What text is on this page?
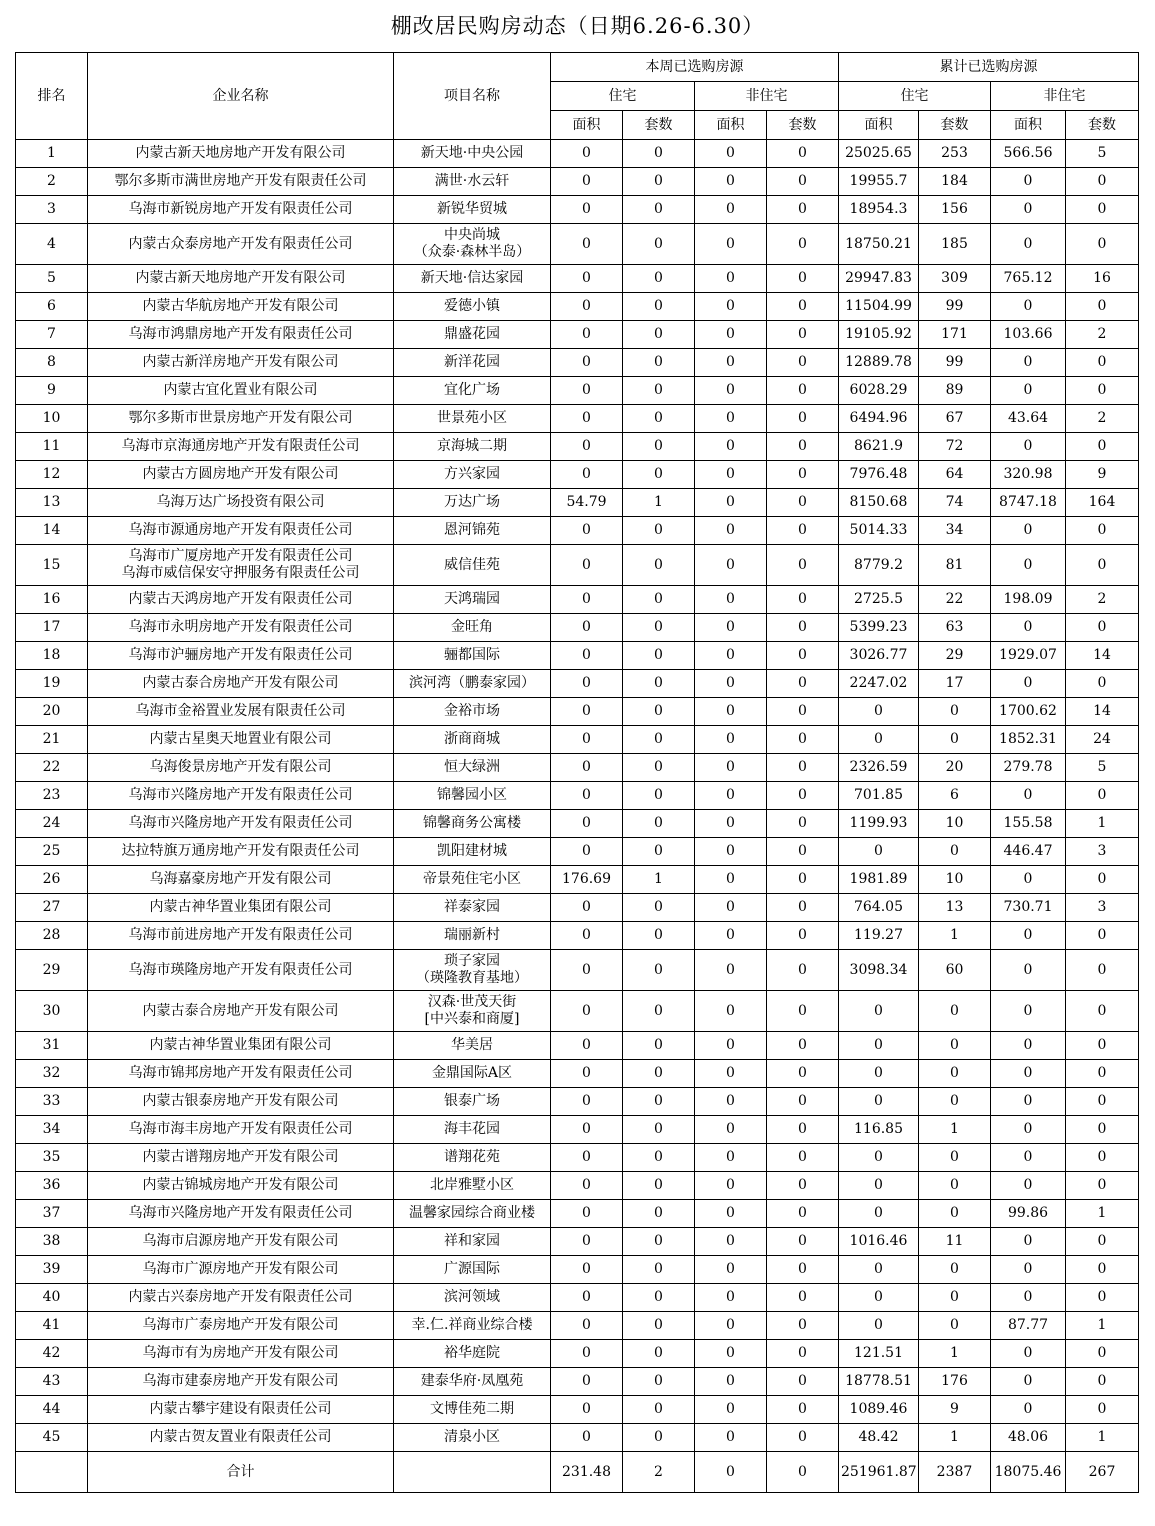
棚改居民购房动态（日期6.26-6.30）
排名	企业名称	项目名称	本周已选购房源				累计已选购房源			
			住宅		非住宅		住宅		非住宅	
			面积	套数	面积	套数	面积	套数	面积	套数
1	内蒙古新天地房地产开发有限公司	新天地·中央公园	0	0	0	0	25025.65	253	566.56	5
2	鄂尔多斯市满世房地产开发有限责任公司	满世·水云轩	0	0	0	0	19955.7	184	0	0
3	乌海市新锐房地产开发有限责任公司	新锐华贸城	0	0	0	0	18954.3	156	0	0
4	内蒙古众泰房地产开发有限责任公司	中央尚城
（众泰·森林半岛）	0	0	0	0	18750.21	185	0	0
5	内蒙古新天地房地产开发有限公司	新天地·信达家园	0	0	0	0	29947.83	309	765.12	16
6	内蒙古华航房地产开发有限公司	爱德小镇	0	0	0	0	11504.99	99	0	0
7	乌海市鸿鼎房地产开发有限责任公司	鼎盛花园	0	0	0	0	19105.92	171	103.66	2
8	内蒙古新洋房地产开发有限公司	新洋花园	0	0	0	0	12889.78	99	0	0
9	内蒙古宜化置业有限公司	宜化广场	0	0	0	0	6028.29	89	0	0
10	鄂尔多斯市世景房地产开发有限公司	世景苑小区	0	0	0	0	6494.96	67	43.64	2
11	乌海市京海通房地产开发有限责任公司	京海城二期	0	0	0	0	8621.9	72	0	0
12	内蒙古方圆房地产开发有限公司	方兴家园	0	0	0	0	7976.48	64	320.98	9
13	乌海万达广场投资有限公司	万达广场	54.79	1	0	0	8150.68	74	8747.18	164
14	乌海市源通房地产开发有限责任公司	恩河锦苑	0	0	0	0	5014.33	34	0	0
15	乌海市广厦房地产开发有限责任公司
乌海市威信保安守押服务有限责任公司	威信佳苑	0	0	0	0	8779.2	81	0	0
16	内蒙古天鸿房地产开发有限责任公司	天鸿瑞园	0	0	0	0	2725.5	22	198.09	2
17	乌海市永明房地产开发有限责任公司	金旺角	0	0	0	0	5399.23	63	0	0
18	乌海市沪骊房地产开发有限责任公司	骊都国际	0	0	0	0	3026.77	29	1929.07	14
19	内蒙古泰合房地产开发有限公司	滨河湾（鹏泰家园）	0	0	0	0	2247.02	17	0	0
20	乌海市金裕置业发展有限责任公司	金裕市场	0	0	0	0	0	0	1700.62	14
21	内蒙古星奥天地置业有限公司	浙商商城	0	0	0	0	0	0	1852.31	24
22	乌海俊景房地产开发有限公司	恒大绿洲	0	0	0	0	2326.59	20	279.78	5
23	乌海市兴隆房地产开发有限责任公司	锦馨园小区	0	0	0	0	701.85	6	0	0
24	乌海市兴隆房地产开发有限责任公司	锦馨商务公寓楼	0	0	0	0	1199.93	10	155.58	1
25	达拉特旗万通房地产开发有限责任公司	凯阳建材城	0	0	0	0	0	0	446.47	3
26	乌海嘉豪房地产开发有限公司	帝景苑住宅小区	176.69	1	0	0	1981.89	10	0	0
27	内蒙古神华置业集团有限公司	祥泰家园	0	0	0	0	764.05	13	730.71	3
28	乌海市前进房地产开发有限责任公司	瑞丽新村	0	0	0	0	119.27	1	0	0
29	乌海市瑛隆房地产开发有限责任公司	琐子家园
（瑛隆教育基地）	0	0	0	0	3098.34	60	0	0
30	内蒙古泰合房地产开发有限公司	汉森·世茂天街
[中兴泰和商厦]	0	0	0	0	0	0	0	0
31	内蒙古神华置业集团有限公司	华美居	0	0	0	0	0	0	0	0
32	乌海市锦邦房地产开发有限责任公司	金鼎国际A区	0	0	0	0	0	0	0	0
33	内蒙古银泰房地产开发有限公司	银泰广场	0	0	0	0	0	0	0	0
34	乌海市海丰房地产开发有限责任公司	海丰花园	0	0	0	0	116.85	1	0	0
35	内蒙古谱翔房地产开发有限公司	谱翔花苑	0	0	0	0	0	0	0	0
36	内蒙古锦城房地产开发有限公司	北岸雅墅小区	0	0	0	0	0	0	0	0
37	乌海市兴隆房地产开发有限责任公司	温馨家园综合商业楼	0	0	0	0	0	0	99.86	1
38	乌海市启源房地产开发有限公司	祥和家园	0	0	0	0	1016.46	11	0	0
39	乌海市广源房地产开发有限公司	广源国际	0	0	0	0	0	0	0	0
40	内蒙古兴泰房地产开发有限责任公司	滨河领域	0	0	0	0	0	0	0	0
41	乌海市广泰房地产开发有限公司	幸.仁.祥商业综合楼	0	0	0	0	0	0	87.77	1
42	乌海市有为房地产开发有限公司	裕华庭院	0	0	0	0	121.51	1	0	0
43	乌海市建泰房地产开发有限公司	建泰华府·凤凰苑	0	0	0	0	18778.51	176	0	0
44	内蒙古攀宇建设有限责任公司	文博佳苑二期	0	0	0	0	1089.46	9	0	0
45	内蒙古贺友置业有限责任公司	清泉小区	0	0	0	0	48.42	1	48.06	1
	合计		231.48	2	0	0	251961.87	2387	18075.46	267
